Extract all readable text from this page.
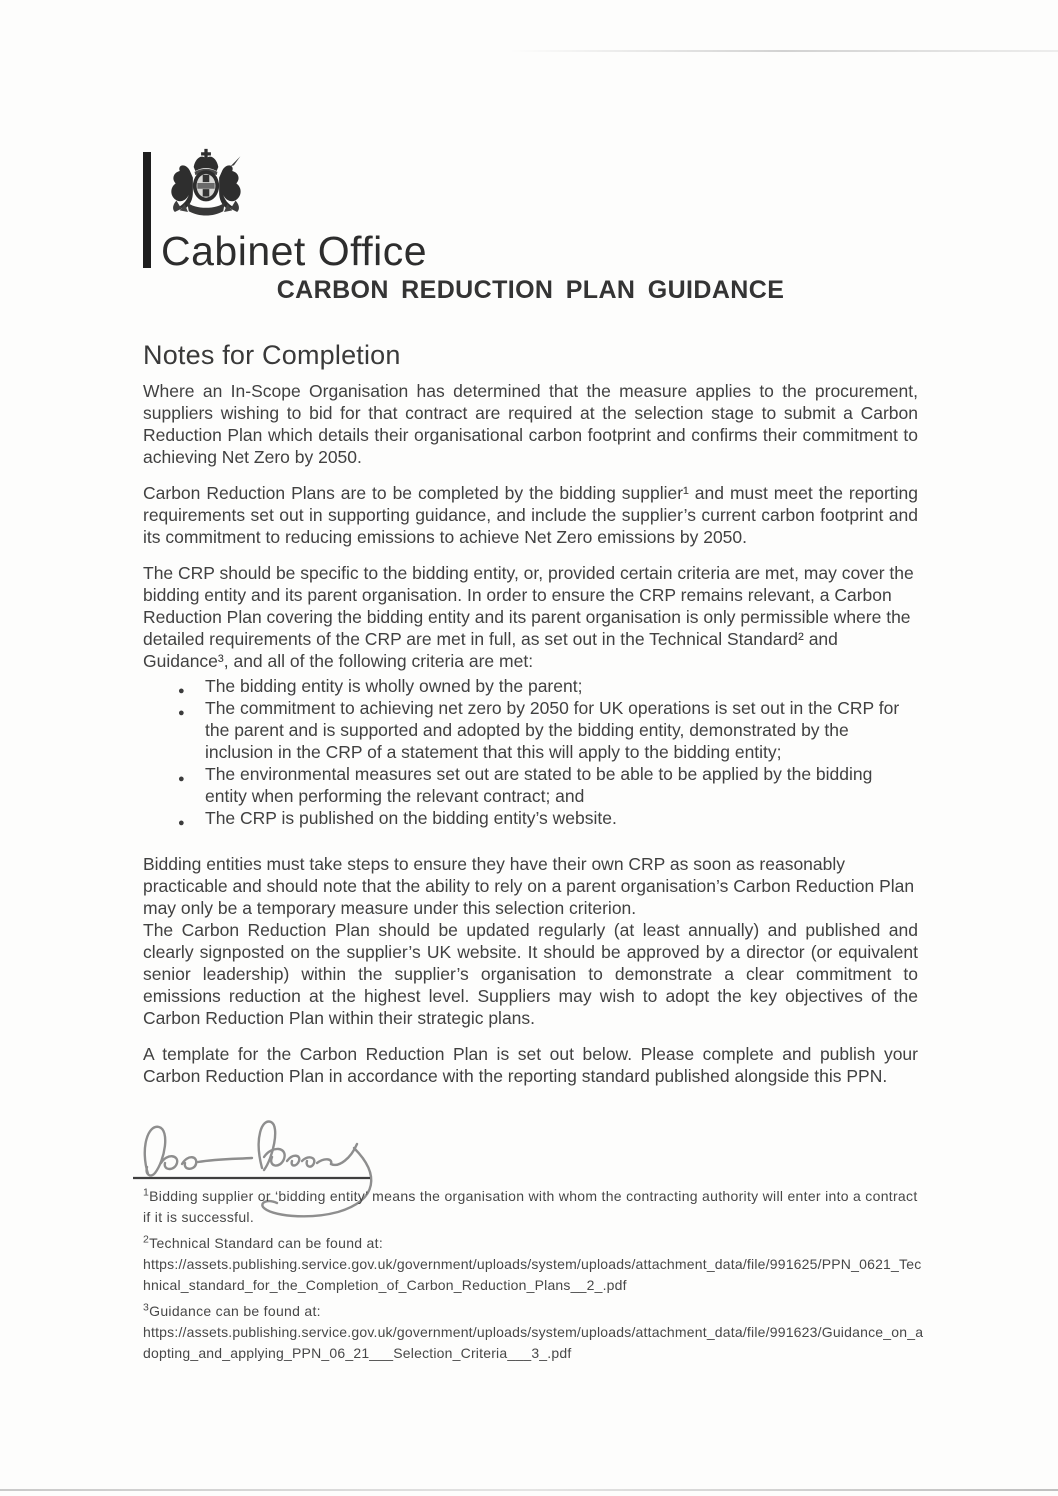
Cabinet Office
CARBON REDUCTION PLAN GUIDANCE
Notes for Completion

Where an In-Scope Organisation has determined that the measure applies to the procurement, suppliers wishing to bid for that contract are required at the selection stage to submit a Carbon Reduction Plan which details their organisational carbon footprint and confirms their commitment to achieving Net Zero by 2050.

Carbon Reduction Plans are to be completed by the bidding supplier¹ and must meet the reporting requirements set out in supporting guidance, and include the supplier’s current carbon footprint and its commitment to reducing emissions to achieve Net Zero emissions by 2050.

The CRP should be specific to the bidding entity, or, provided certain criteria are met, may cover the bidding entity and its parent organisation. In order to ensure the CRP remains relevant, a Carbon Reduction Plan covering the bidding entity and its parent organisation is only permissible where the detailed requirements of the CRP are met in full, as set out in the Technical Standard² and Guidance³, and all of the following criteria are met:

● The bidding entity is wholly owned by the parent;
● The commitment to achieving net zero by 2050 for UK operations is set out in the CRP for the parent and is supported and adopted by the bidding entity, demonstrated by the inclusion in the CRP of a statement that this will apply to the bidding entity;
● The environmental measures set out are stated to be able to be applied by the bidding entity when performing the relevant contract; and
● The CRP is published on the bidding entity’s website.

Bidding entities must take steps to ensure they have their own CRP as soon as reasonably practicable and should note that the ability to rely on a parent organisation’s Carbon Reduction Plan may only be a temporary measure under this selection criterion.

The Carbon Reduction Plan should be updated regularly (at least annually) and published and clearly signposted on the supplier’s UK website. It should be approved by a director (or equivalent senior leadership) within the supplier’s organisation to demonstrate a clear commitment to emissions reduction at the highest level. Suppliers may wish to adopt the key objectives of the Carbon Reduction Plan within their strategic plans.

A template for the Carbon Reduction Plan is set out below. Please complete and publish your Carbon Reduction Plan in accordance with the reporting standard published alongside this PPN.

$^1$Bidding supplier or ‘bidding entity’ means the organisation with whom the contracting authority will enter into a contract if it is successful.
$^2$Technical Standard can be found at:
https://assets.publishing.service.gov.uk/government/uploads/system/uploads/attachment_data/file/991625/PPN_0621_Technical_standard_for_the_Completion_of_Carbon_Reduction_Plans__2_.pdf
$^3$Guidance can be found at:
https://assets.publishing.service.gov.uk/government/uploads/system/uploads/attachment_data/file/991623/Guidance_on_adopting_and_applying_PPN_06_21___Selection_Criteria___3_.pdf
